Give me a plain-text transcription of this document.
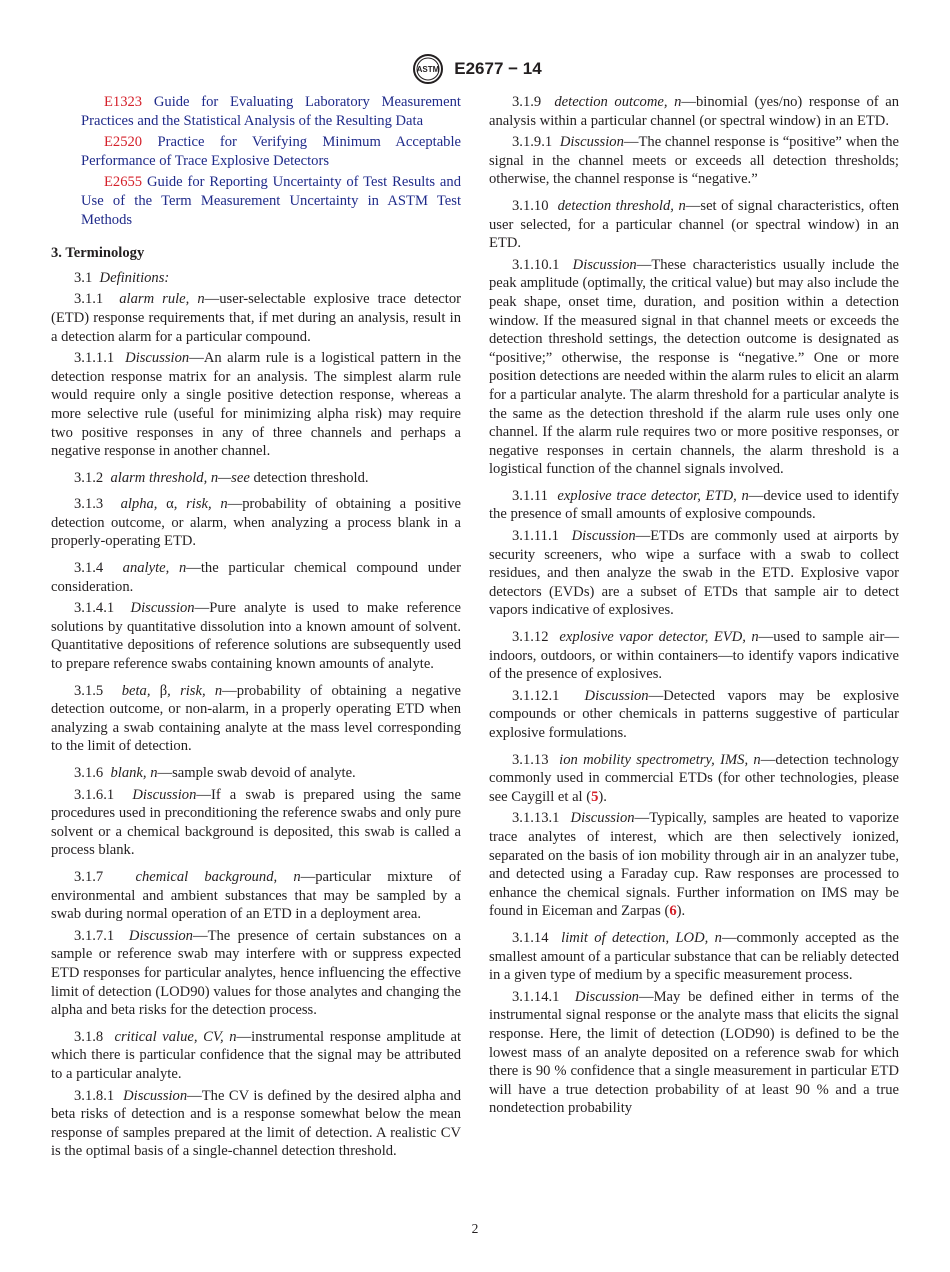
ASTM E2677 − 14

E1323 Guide for Evaluating Laboratory Measurement Practices and the Statistical Analysis of the Resulting Data

E2520 Practice for Verifying Minimum Acceptable Performance of Trace Explosive Detectors

E2655 Guide for Reporting Uncertainty of Test Results and Use of the Term Measurement Uncertainty in ASTM Test Methods

3. Terminology

3.1 Definitions:

3.1.1 alarm rule, n—user-selectable explosive trace detector (ETD) response requirements that, if met during an analysis, result in a detection alarm for a particular compound.

3.1.1.1 Discussion—An alarm rule is a logistical pattern in the detection response matrix for an analysis. The simplest alarm rule would require only a single positive detection response, whereas a more selective rule (useful for minimizing alpha risk) may require two positive responses in any of three channels and perhaps a negative response in another channel.

3.1.2 alarm threshold, n—see detection threshold.

3.1.3 alpha, α, risk, n—probability of obtaining a positive detection outcome, or alarm, when analyzing a process blank in a properly-operating ETD.

3.1.4 analyte, n—the particular chemical compound under consideration.

3.1.4.1 Discussion—Pure analyte is used to make reference solutions by quantitative dissolution into a known amount of solvent. Quantitative depositions of reference solutions are subsequently used to prepare reference swabs containing known amounts of analyte.

3.1.5 beta, β, risk, n—probability of obtaining a negative detection outcome, or non-alarm, in a properly operating ETD when analyzing a swab containing analyte at the mass level corresponding to the limit of detection.

3.1.6 blank, n—sample swab devoid of analyte.

3.1.6.1 Discussion—If a swab is prepared using the same procedures used in preconditioning the reference swabs and only pure solvent or a chemical background is deposited, this swab is called a process blank.

3.1.7 chemical background, n—particular mixture of environmental and ambient substances that may be sampled by a swab during normal operation of an ETD in a deployment area.

3.1.7.1 Discussion—The presence of certain substances on a sample or reference swab may interfere with or suppress expected ETD responses for particular analytes, hence influencing the effective limit of detection (LOD90) values for those analytes and changing the alpha and beta risks for the detection process.

3.1.8 critical value, CV, n—instrumental response amplitude at which there is particular confidence that the signal may be attributed to a particular analyte.

3.1.8.1 Discussion—The CV is defined by the desired alpha and beta risks of detection and is a response somewhat below the mean response of samples prepared at the limit of detection. A realistic CV is the optimal basis of a single-channel detection threshold.

3.1.9 detection outcome, n—binomial (yes/no) response of an analysis within a particular channel (or spectral window) in an ETD.

3.1.9.1 Discussion—The channel response is “positive” when the signal in the channel meets or exceeds all detection thresholds; otherwise, the channel response is “negative.”

3.1.10 detection threshold, n—set of signal characteristics, often user selected, for a particular channel (or spectral window) in an ETD.

3.1.10.1 Discussion—These characteristics usually include the peak amplitude (optimally, the critical value) but may also include the peak shape, onset time, duration, and position within a detection window. If the measured signal in that channel meets or exceeds the detection threshold settings, the detection outcome is designated as “positive;” otherwise, the response is “negative.” One or more position detections are needed within the alarm rules to elicit an alarm for a particular analyte. The alarm threshold for a particular analyte is the same as the detection threshold if the alarm rule uses only one channel. If the alarm rule requires two or more positive responses, or negative responses in certain channels, the alarm threshold is a logistical function of the channel signals involved.

3.1.11 explosive trace detector, ETD, n—device used to identify the presence of small amounts of explosive compounds.

3.1.11.1 Discussion—ETDs are commonly used at airports by security screeners, who wipe a surface with a swab to collect residues, and then analyze the swab in the ETD. Explosive vapor detectors (EVDs) are a subset of ETDs that sample air to detect vapors indicative of explosives.

3.1.12 explosive vapor detector, EVD, n—used to sample air—indoors, outdoors, or within containers—to identify vapors indicative of the presence of explosives.

3.1.12.1 Discussion—Detected vapors may be explosive compounds or other chemicals in patterns suggestive of particular explosive formulations.

3.1.13 ion mobility spectrometry, IMS, n—detection technology commonly used in commercial ETDs (for other technologies, please see Caygill et al (5).

3.1.13.1 Discussion—Typically, samples are heated to vaporize trace analytes of interest, which are then selectively ionized, separated on the basis of ion mobility through air in an analyzer tube, and detected using a Faraday cup. Raw responses are processed to enhance the chemical signals. Further information on IMS may be found in Eiceman and Zarpas (6).

3.1.14 limit of detection, LOD, n—commonly accepted as the smallest amount of a particular substance that can be reliably detected in a given type of medium by a specific measurement process.

3.1.14.1 Discussion—May be defined either in terms of the instrumental signal response or the analyte mass that elicits the signal response. Here, the limit of detection (LOD90) is defined to be the lowest mass of an analyte deposited on a reference swab for which there is 90 % confidence that a single measurement in particular ETD will have a true detection probability of at least 90 % and a true nondetection probability

2
